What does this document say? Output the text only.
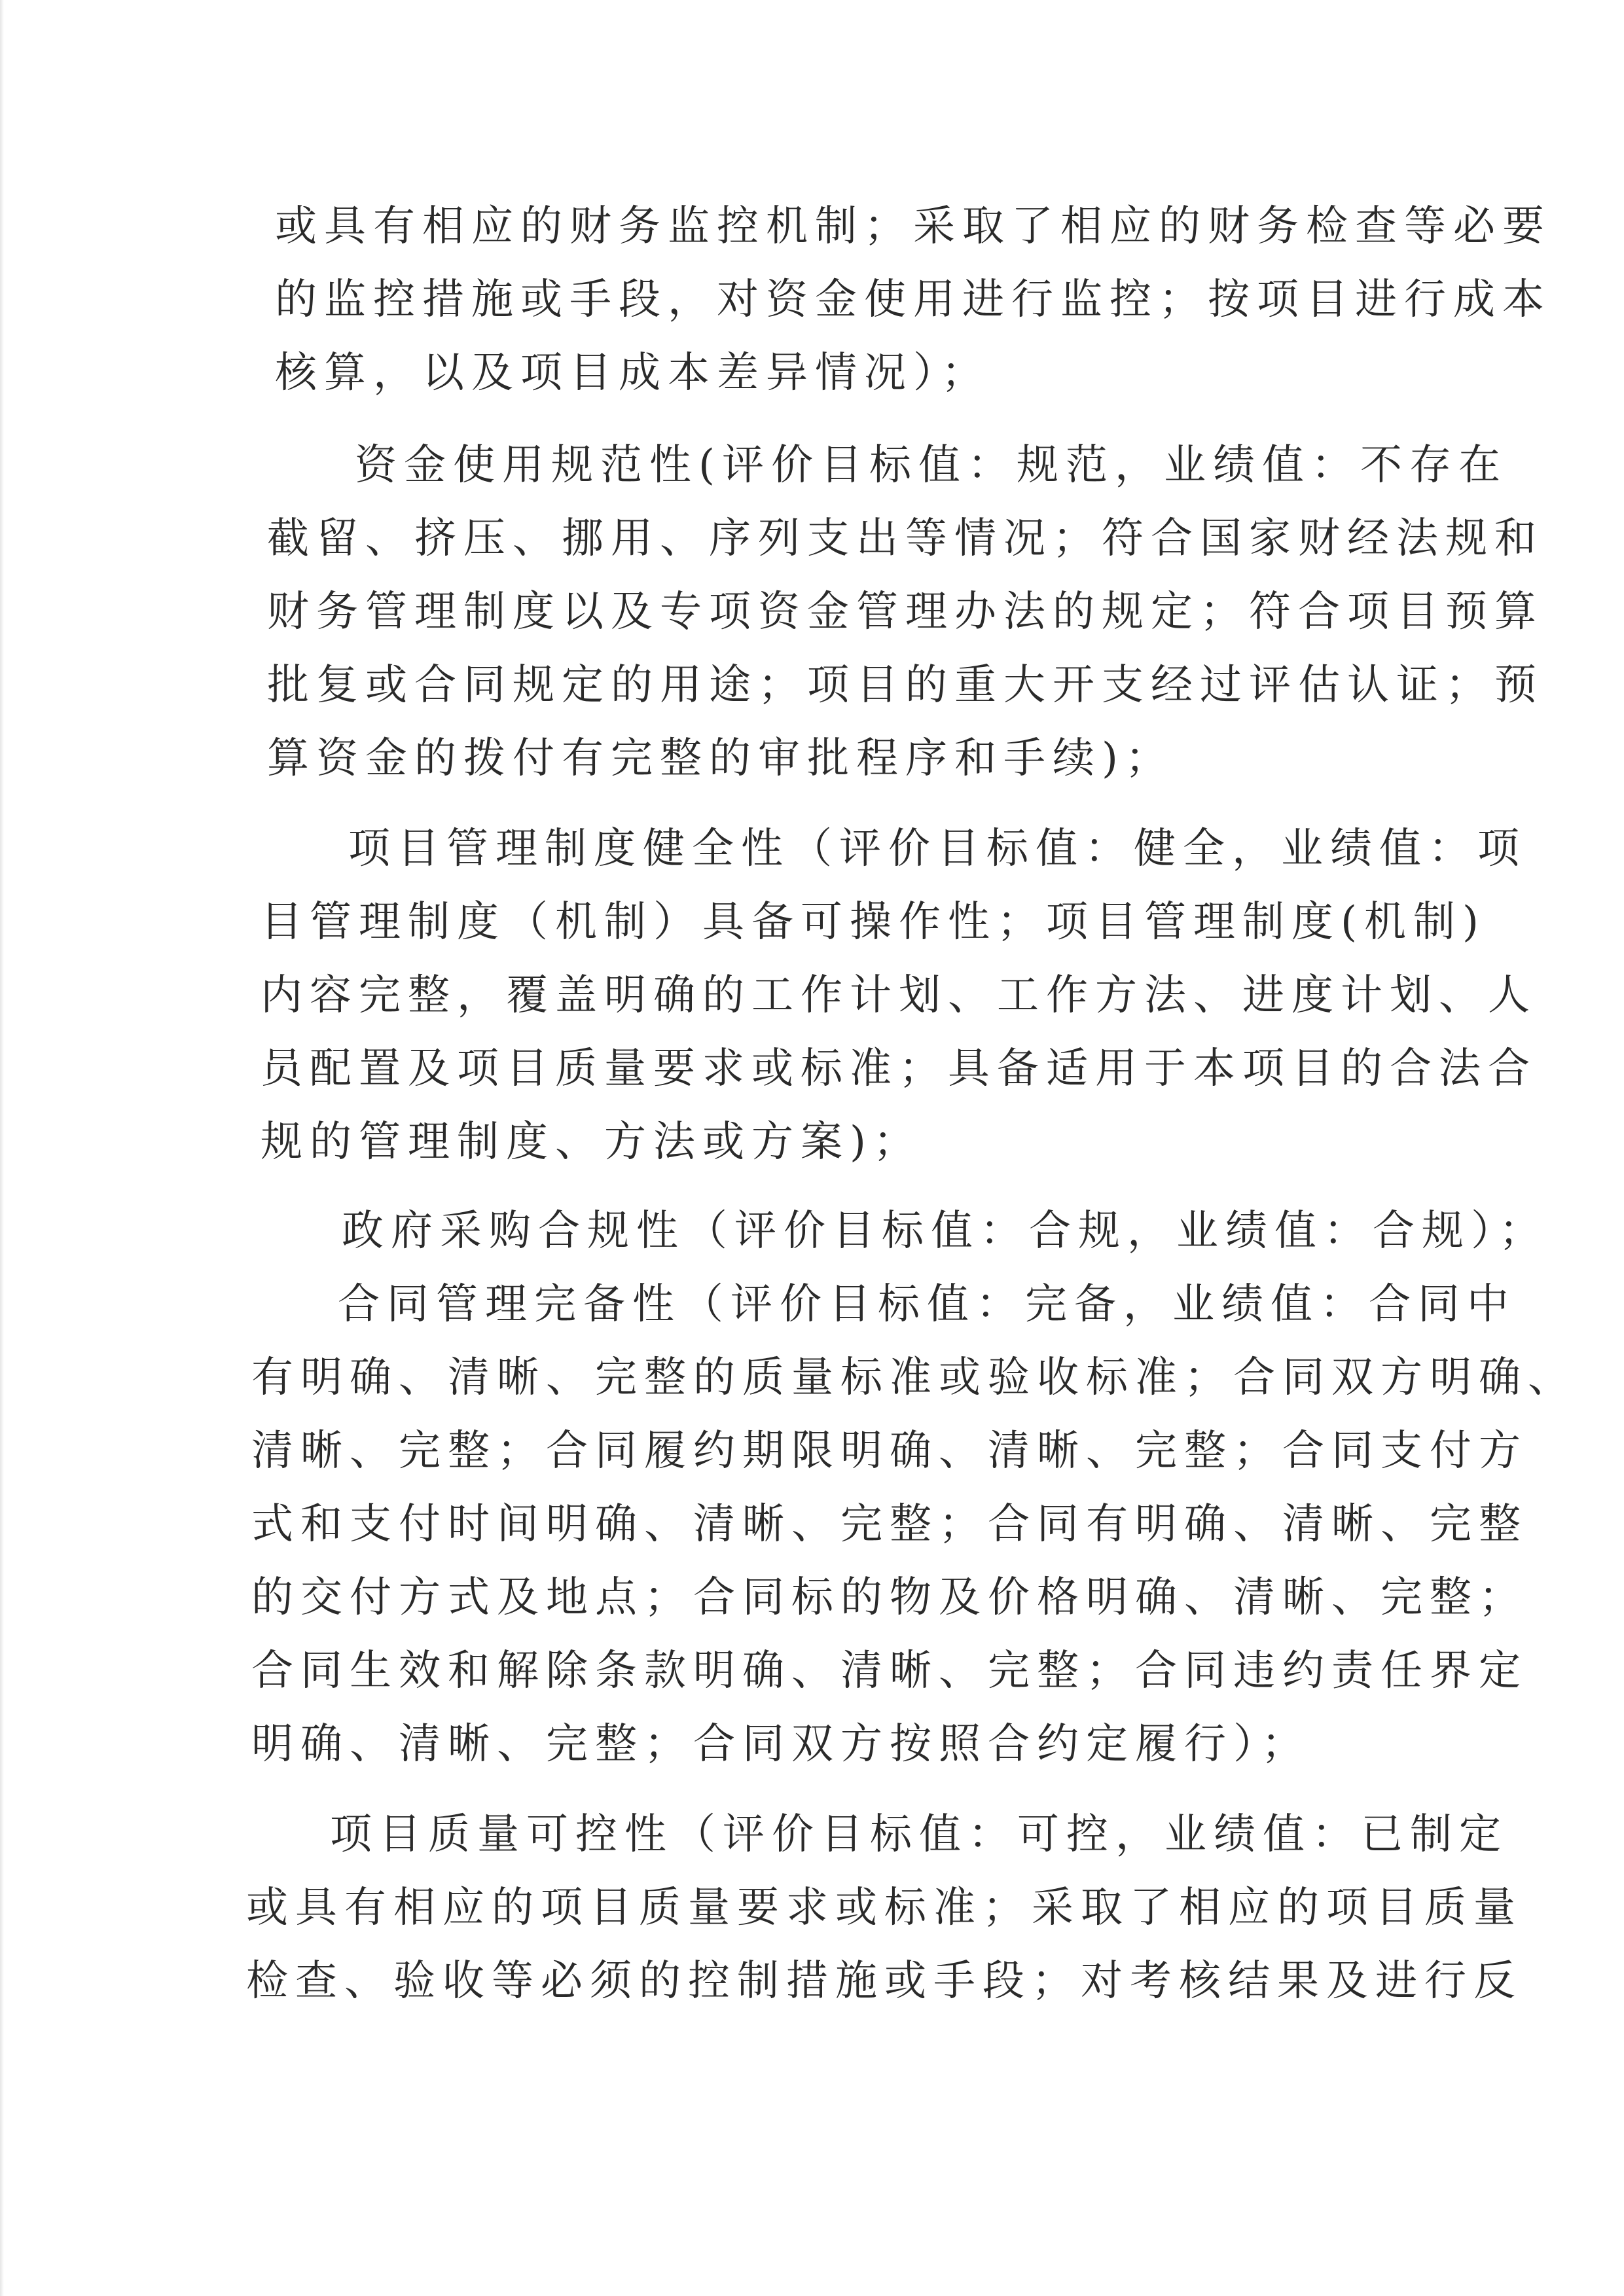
或具有相应的财务监控机制；采取了相应的财务检查等必要
的监控措施或手段，对资金使用进行监控；按项目进行成本
核算，以及项目成本差异情况）；
资金使用规范性(评价目标值：规范，业绩值：不存在
截留、挤压、挪用、序列支出等情况；符合国家财经法规和
财务管理制度以及专项资金管理办法的规定；符合项目预算
批复或合同规定的用途；项目的重大开支经过评估认证；预
算资金的拨付有完整的审批程序和手续)；
项目管理制度健全性（评价目标值：健全，业绩值：项
目管理制度（机制）具备可操作性；项目管理制度(机制)
内容完整，覆盖明确的工作计划、工作方法、进度计划、人
员配置及项目质量要求或标准；具备适用于本项目的合法合
规的管理制度、方法或方案)；
政府采购合规性（评价目标值：合规，业绩值：合规）；
合同管理完备性（评价目标值：完备，业绩值：合同中
有明确、清晰、完整的质量标准或验收标准；合同双方明确、
清晰、完整；合同履约期限明确、清晰、完整；合同支付方
式和支付时间明确、清晰、完整；合同有明确、清晰、完整
的交付方式及地点；合同标的物及价格明确、清晰、完整；
合同生效和解除条款明确、清晰、完整；合同违约责任界定
明确、清晰、完整；合同双方按照合约定履行）；
项目质量可控性（评价目标值：可控，业绩值：已制定
或具有相应的项目质量要求或标准；采取了相应的项目质量
检查、验收等必须的控制措施或手段；对考核结果及进行反
